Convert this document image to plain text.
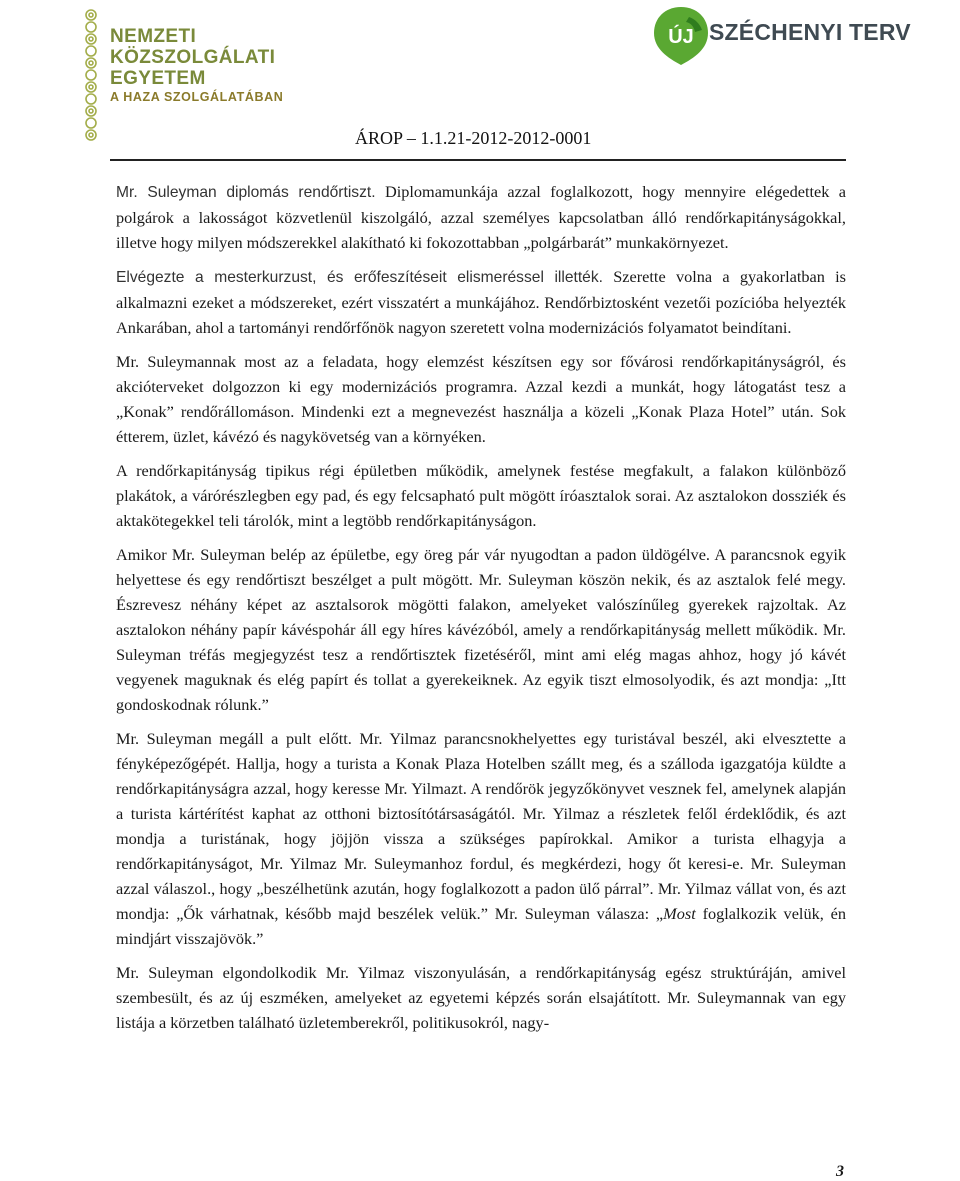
NEMZETI
KÖZSZOLGÁLATI
EGYETEM
A HAZA SZOLGÁLATÁBAN
ÚJ SZÉCHENYI TERV
ÁROP – 1.1.21-2012-2012-0001

Mr. Suleyman diplomás rendőrtiszt. Diplomamunkája azzal foglalkozott, hogy mennyire elégedettek a polgárok a lakosságot közvetlenül kiszolgáló, azzal személyes kapcsolatban álló rendőrkapitányságokkal, illetve hogy milyen módszerekkel alakítható ki fokozottabban „polgárbarát” munkakörnyezet.

Elvégezte a mesterkurzust, és erőfeszítéseit elismeréssel illették. Szerette volna a gyakorlatban is alkalmazni ezeket a módszereket, ezért visszatért a munkájához. Rendőrbiztosként vezetői pozícióba helyezték Ankarában, ahol a tartományi rendőrfőnök nagyon szeretett volna modernizációs folyamatot beindítani.

Mr. Suleymannak most az a feladata, hogy elemzést készítsen egy sor fővárosi rendőrkapitányságról, és akcióterveket dolgozzon ki egy modernizációs programra. Azzal kezdi a munkát, hogy látogatást tesz a „Konak” rendőrállomáson. Mindenki ezt a megnevezést használja a közeli „Konak Plaza Hotel” után. Sok étterem, üzlet, kávézó és nagykövetség van a környéken.

A rendőrkapitányság tipikus régi épületben működik, amelynek festése megfakult, a falakon különböző plakátok, a várórészlegben egy pad, és egy felcsapható pult mögött íróasztalok sorai. Az asztalokon dossziék és aktakötegekkel teli tárolók, mint a legtöbb rendőrkapitányságon.

Amikor Mr. Suleyman belép az épületbe, egy öreg pár vár nyugodtan a padon üldögélve. A parancsnok egyik helyettese és egy rendőrtiszt beszélget a pult mögött. Mr. Suleyman köszön nekik, és az asztalok felé megy. Észrevesz néhány képet az asztalsorok mögötti falakon, amelyeket valószínűleg gyerekek rajzoltak. Az asztalokon néhány papír kávéspohár áll egy híres kávézóból, amely a rendőrkapitányság mellett működik. Mr. Suleyman tréfás megjegyzést tesz a rendőrtisztek fizetéséről, mint ami elég magas ahhoz, hogy jó kávét vegyenek maguknak és elég papírt és tollat a gyerekeiknek. Az egyik tiszt elmosolyodik, és azt mondja: „Itt gondoskodnak rólunk.”

Mr. Suleyman megáll a pult előtt. Mr. Yilmaz parancsnokhelyettes egy turistával beszél, aki elvesztette a fényképezőgépét. Hallja, hogy a turista a Konak Plaza Hotelben szállt meg, és a szálloda igazgatója küldte a rendőrkapitányságra azzal, hogy keresse Mr. Yilmazt. A rendőrök jegyzőkönyvet vesznek fel, amelynek alapján a turista kártérítést kaphat az otthoni biztosítótársaságától. Mr. Yilmaz a részletek felől érdeklődik, és azt mondja a turistának, hogy jöjjön vissza a szükséges papírokkal. Amikor a turista elhagyja a rendőrkapitányságot, Mr. Yilmaz Mr. Suleymanhoz fordul, és megkérdezi, hogy őt keresi-e. Mr. Suleyman azzal válaszol., hogy „beszélhetünk azután, hogy foglalkozott a padon ülő párral”. Mr. Yilmaz vállat von, és azt mondja: „Ők várhatnak, később majd beszélek velük.” Mr. Suleyman válasza: „Most foglalkozik velük, én mindjárt visszajövök.”

Mr. Suleyman elgondolkodik Mr. Yilmaz viszonyulásán, a rendőrkapitányság egész struktúráján, amivel szembesült, és az új eszméken, amelyeket az egyetemi képzés során elsajátított. Mr. Suleymannak van egy listája a körzetben található üzletemberekről, politikusokról, nagy-

3
